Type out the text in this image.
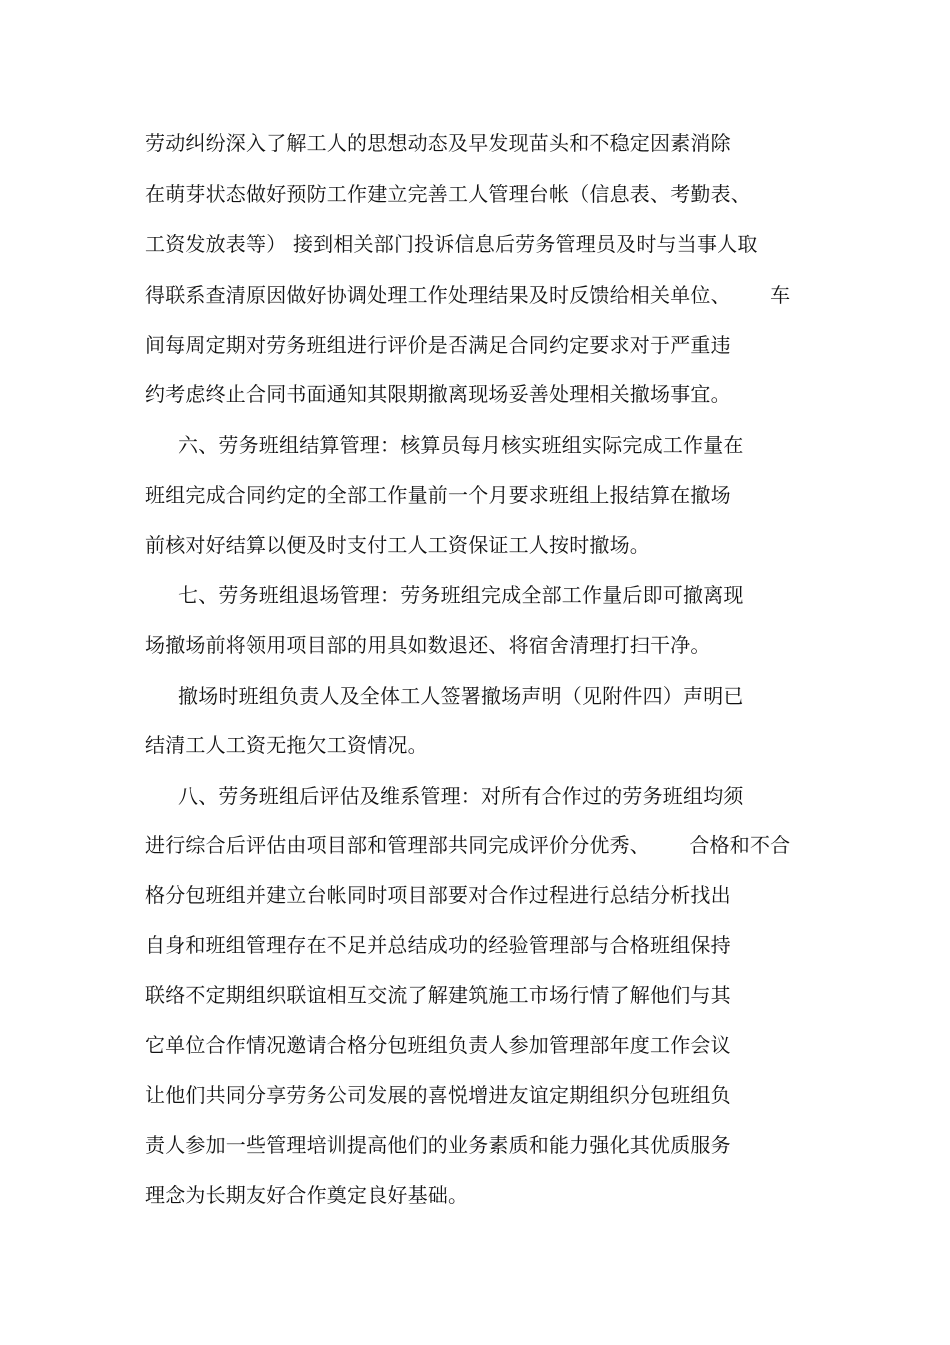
劳动纠纷深入了解工人的思想动态及早发现苗头和不稳定因素消除
在萌芽状态做好预防工作建立完善工人管理台帐（信息表、考勤表、
工资发放表等） 接到相关部门投诉信息后劳务管理员及时与当事人取
得联系查清原因做好协调处理工作处理结果及时反馈给相关单位、      车
间每周定期对劳务班组进行评价是否满足合同约定要求对于严重违
约考虑终止合同书面通知其限期撤离现场妥善处理相关撤场事宜。
六、劳务班组结算管理：核算员每月核实班组实际完成工作量在
班组完成合同约定的全部工作量前一个月要求班组上报结算在撤场
前核对好结算以便及时支付工人工资保证工人按时撤场。
七、劳务班组退场管理：劳务班组完成全部工作量后即可撤离现
场撤场前将领用项目部的用具如数退还、将宿舍清理打扫干净。
撤场时班组负责人及全体工人签署撤场声明（见附件四）声明已
结清工人工资无拖欠工资情况。
八、劳务班组后评估及维系管理：对所有合作过的劳务班组均须
进行综合后评估由项目部和管理部共同完成评价分优秀、      合格和不合
格分包班组并建立台帐同时项目部要对合作过程进行总结分析找出
自身和班组管理存在不足并总结成功的经验管理部与合格班组保持
联络不定期组织联谊相互交流了解建筑施工市场行情了解他们与其
它单位合作情况邀请合格分包班组负责人参加管理部年度工作会议
让他们共同分享劳务公司发展的喜悦增进友谊定期组织分包班组负
责人参加一些管理培训提高他们的业务素质和能力强化其优质服务
理念为长期友好合作奠定良好基础。
